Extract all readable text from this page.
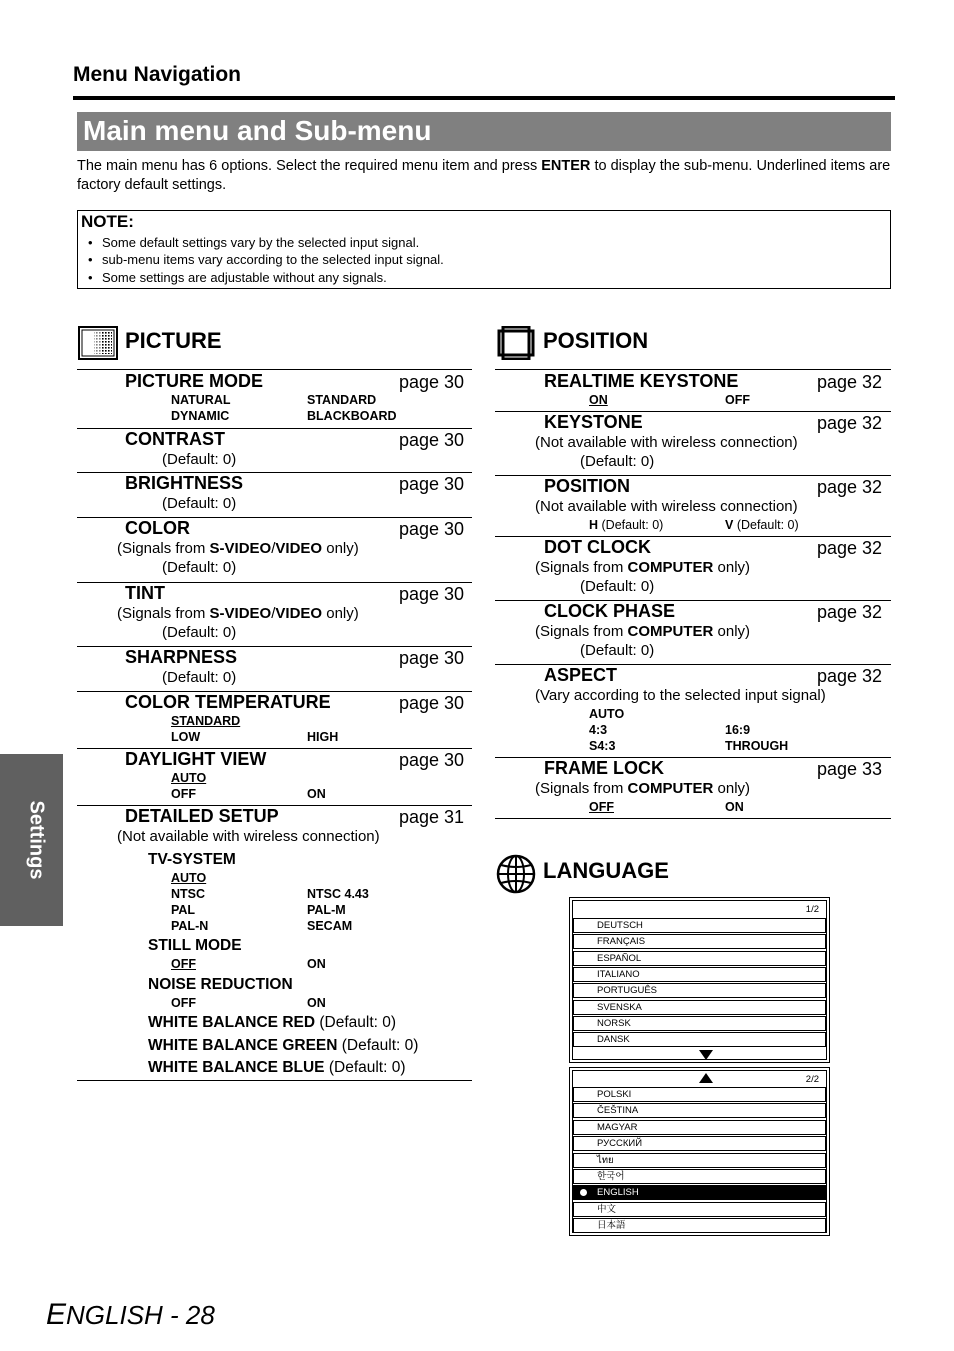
Menu Navigation
Main menu and Sub-menu

The main menu has 6 options. Select the required menu item and press ENTER to display the sub-menu. Underlined items are factory default settings.

NOTE:
• Some default settings vary by the selected input signal.
• sub-menu items vary according to the selected input signal.
• Some settings are adjustable without any signals.
Settings
PICTURE
PICTURE MODE	page 30
NATURAL	STANDARD
DYNAMIC	BLACKBOARD
CONTRAST	page 30
(Default: 0)
BRIGHTNESS	page 30
(Default: 0)
COLOR	page 30
(Signals from S-VIDEO/VIDEO only)
(Default: 0)
TINT	page 30
(Signals from S-VIDEO/VIDEO only)
(Default: 0)
SHARPNESS	page 30
(Default: 0)
COLOR TEMPERATURE	page 30
STANDARD
LOW	HIGH
DAYLIGHT VIEW	page 30
AUTO
OFF	ON
DETAILED SETUP	page 31
(Not available with wireless connection)
TV-SYSTEM
AUTO
NTSC	NTSC 4.43
PAL	PAL-M
PAL-N	SECAM
STILL MODE
OFF	ON
NOISE REDUCTION
OFF	ON
WHITE BALANCE RED (Default: 0)
WHITE BALANCE GREEN (Default: 0)
WHITE BALANCE BLUE (Default: 0)
POSITION
REALTIME KEYSTONE	page 32
ON	OFF
KEYSTONE	page 32
(Not available with wireless connection)
(Default: 0)
POSITION	page 32
(Not available with wireless connection)
H (Default: 0)	V (Default: 0)
DOT CLOCK	page 32
(Signals from COMPUTER only)
(Default: 0)
CLOCK PHASE	page 32
(Signals from COMPUTER only)
(Default: 0)
ASPECT	page 32
(Vary according to the selected input signal)
AUTO
4:3	16:9
S4:3	THROUGH
FRAME LOCK	page 33
(Signals from COMPUTER only)
OFF	ON
LANGUAGE
1/2
DEUTSCH
FRANÇAIS
ESPAÑOL
ITALIANO
PORTUGUÊS
SVENSKA
NORSK
DANSK
2/2
POLSKI
ČEŠTINA
MAGYAR
РУССКИЙ
ไทย
한국어
ENGLISH
中文
日本語
ENGLISH - 28
